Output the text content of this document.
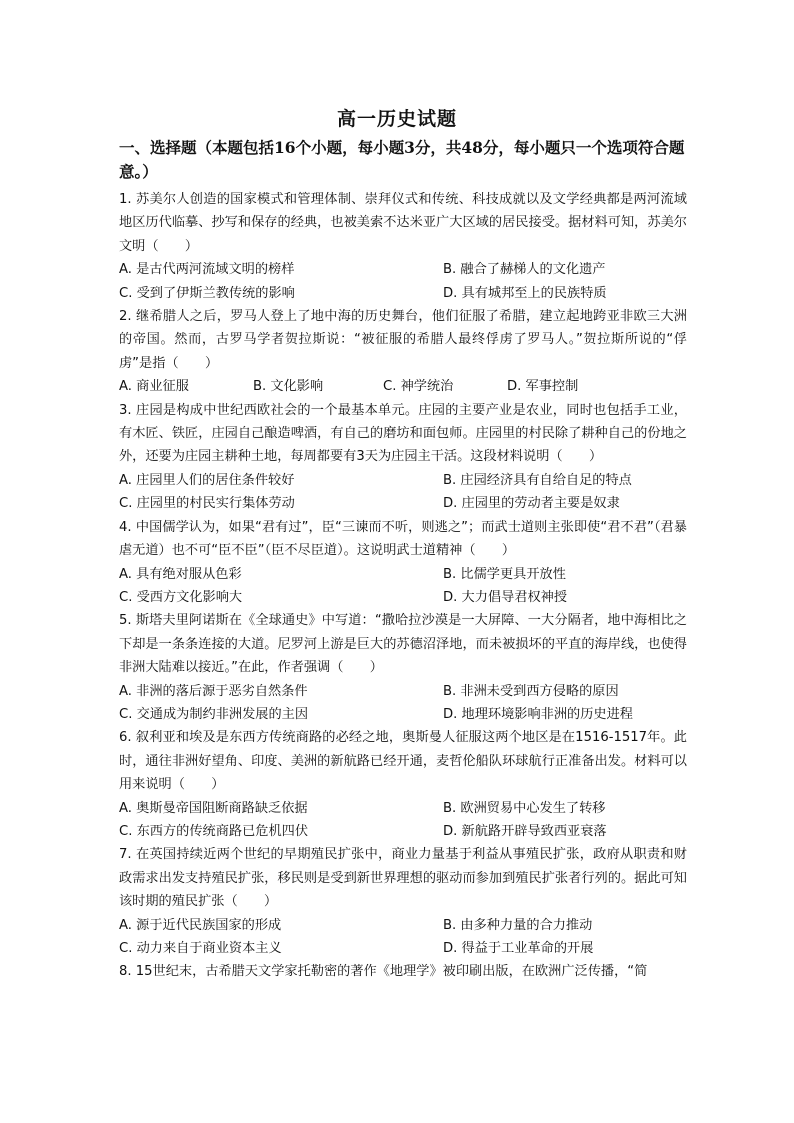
高一历史试题
一、选择题（本题包括16个小题，每小题3分，共48分，每小题只一个选项符合题意。）

1. 苏美尔人创造的国家模式和管理体制、崇拜仪式和传统、科技成就以及文学经典都是两河流域地区历代临摹、抄写和保存的经典，也被美索不达米亚广大区域的居民接受。据材料可知，苏美尔文明（　　）

A. 是古代两河流域文明的榜样	B. 融合了赫梯人的文化遗产
C. 受到了伊斯兰教传统的影响	D. 具有城邦至上的民族特质

2. 继希腊人之后，罗马人登上了地中海的历史舞台，他们征服了希腊，建立起地跨亚非欧三大洲的帝国。然而，古罗马学者贺拉斯说：“被征服的希腊人最终俘虏了罗马人。”贺拉斯所说的“俘虏”是指（　　）

A. 商业征服	B. 文化影响	C. 神学统治	D. 军事控制

3. 庄园是构成中世纪西欧社会的一个最基本单元。庄园的主要产业是农业，同时也包括手工业，有木匠、铁匠，庄园自己酿造啤酒，有自己的磨坊和面包师。庄园里的村民除了耕种自己的份地之外，还要为庄园主耕种土地，每周都要有3天为庄园主干活。这段材料说明（　　）

A. 庄园里人们的居住条件较好	B. 庄园经济具有自给自足的特点
C. 庄园里的村民实行集体劳动	D. 庄园里的劳动者主要是奴隶

4. 中国儒学认为，如果“君有过”，臣“三谏而不听，则逃之”；而武士道则主张即使“君不君”（君暴虐无道）也不可“臣不臣”（臣不尽臣道）。这说明武士道精神（　　）

A. 具有绝对服从色彩	B. 比儒学更具开放性
C. 受西方文化影响大	D. 大力倡导君权神授

5. 斯塔夫里阿诺斯在《全球通史》中写道：“撒哈拉沙漠是一大屏障、一大分隔者，地中海相比之下却是一条条连接的大道。尼罗河上游是巨大的苏德沼泽地，而未被损坏的平直的海岸线，也使得非洲大陆难以接近。”在此，作者强调（　　）

A. 非洲的落后源于恶劣自然条件	B. 非洲未受到西方侵略的原因
C. 交通成为制约非洲发展的主因	D. 地理环境影响非洲的历史进程

6. 叙利亚和埃及是东西方传统商路的必经之地，奥斯曼人征服这两个地区是在1516-1517年。此时，通往非洲好望角、印度、美洲的新航路已经开通，麦哲伦船队环球航行正准备出发。材料可以用来说明（　　）

A. 奥斯曼帝国阻断商路缺乏依据	B. 欧洲贸易中心发生了转移
C. 东西方的传统商路已危机四伏	D. 新航路开辟导致西亚衰落

7. 在英国持续近两个世纪的早期殖民扩张中，商业力量基于利益从事殖民扩张，政府从职责和财政需求出发支持殖民扩张，移民则是受到新世界理想的驱动而参加到殖民扩张者行列的。据此可知该时期的殖民扩张（　　）

A. 源于近代民族国家的形成	B. 由多种力量的合力推动
C. 动力来自于商业资本主义	D. 得益于工业革命的开展

8. 15世纪末，古希腊天文学家托勒密的著作《地理学》被印刷出版，在欧洲广泛传播，“简
